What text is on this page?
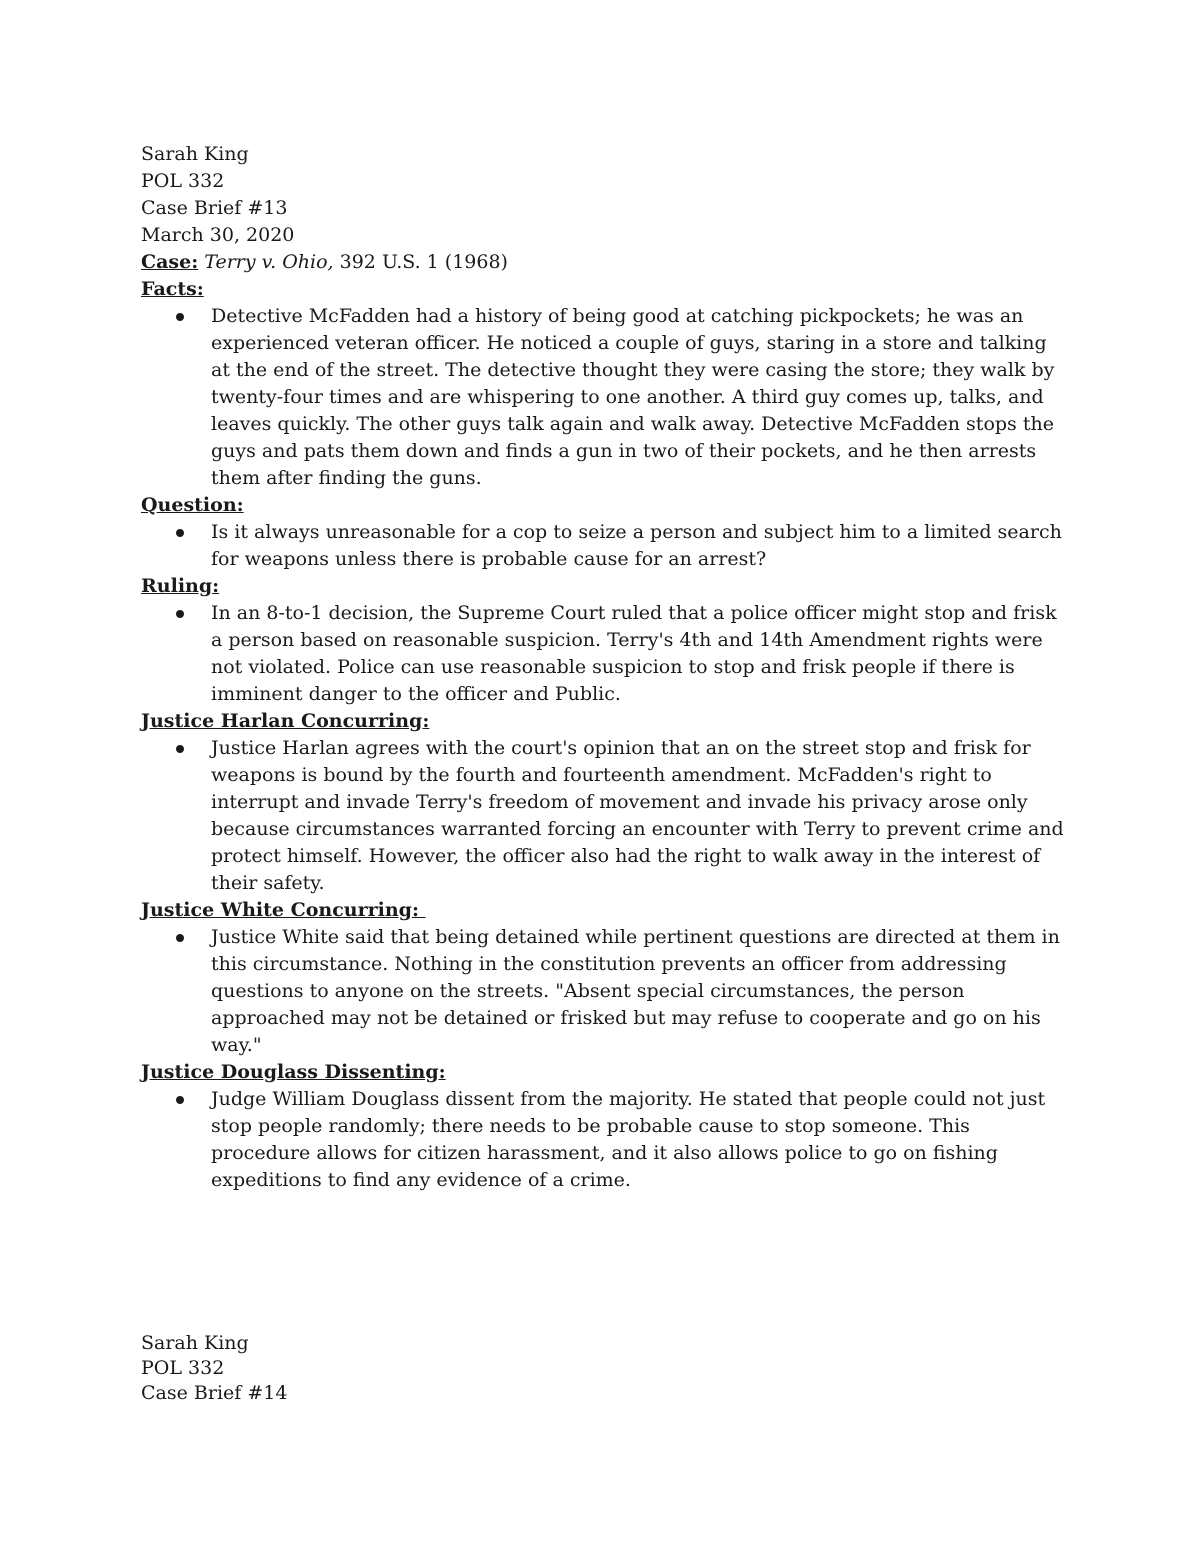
Sarah King

POL 332

Case Brief #13

March 30, 2020

Case: Terry v. Ohio, 392 U.S. 1 (1968)

Facts:

Detective McFadden had a history of being good at catching pickpockets; he was an experienced veteran officer. He noticed a couple of guys, staring in a store and talking at the end of the street. The detective thought they were casing the store; they walk by twenty-four times and are whispering to one another. A third guy comes up, talks, and leaves quickly. The other guys talk again and walk away. Detective McFadden stops the guys and pats them down and finds a gun in two of their pockets, and he then arrests them after finding the guns.

Question:

Is it always unreasonable for a cop to seize a person and subject him to a limited search for weapons unless there is probable cause for an arrest?

Ruling:

In an 8-to-1 decision, the Supreme Court ruled that a police officer might stop and frisk a person based on reasonable suspicion. Terry's 4th and 14th Amendment rights were not violated. Police can use reasonable suspicion to stop and frisk people if there is imminent danger to the officer and Public.

Justice Harlan Concurring:

Justice Harlan agrees with the court's opinion that an on the street stop and frisk for weapons is bound by the fourth and fourteenth amendment. McFadden's right to interrupt and invade Terry's freedom of movement and invade his privacy arose only because circumstances warranted forcing an encounter with Terry to prevent crime and protect himself. However, the officer also had the right to walk away in the interest of their safety.

Justice White Concurring:

Justice White said that being detained while pertinent questions are directed at them in this circumstance. Nothing in the constitution prevents an officer from addressing questions to anyone on the streets. "Absent special circumstances, the person approached may not be detained or frisked but may refuse to cooperate and go on his way."

Justice Douglass Dissenting:

Judge William Douglass dissent from the majority. He stated that people could not just stop people randomly; there needs to be probable cause to stop someone. This procedure allows for citizen harassment, and it also allows police to go on fishing expeditions to find any evidence of a crime.

Sarah King

POL 332

Case Brief #14
